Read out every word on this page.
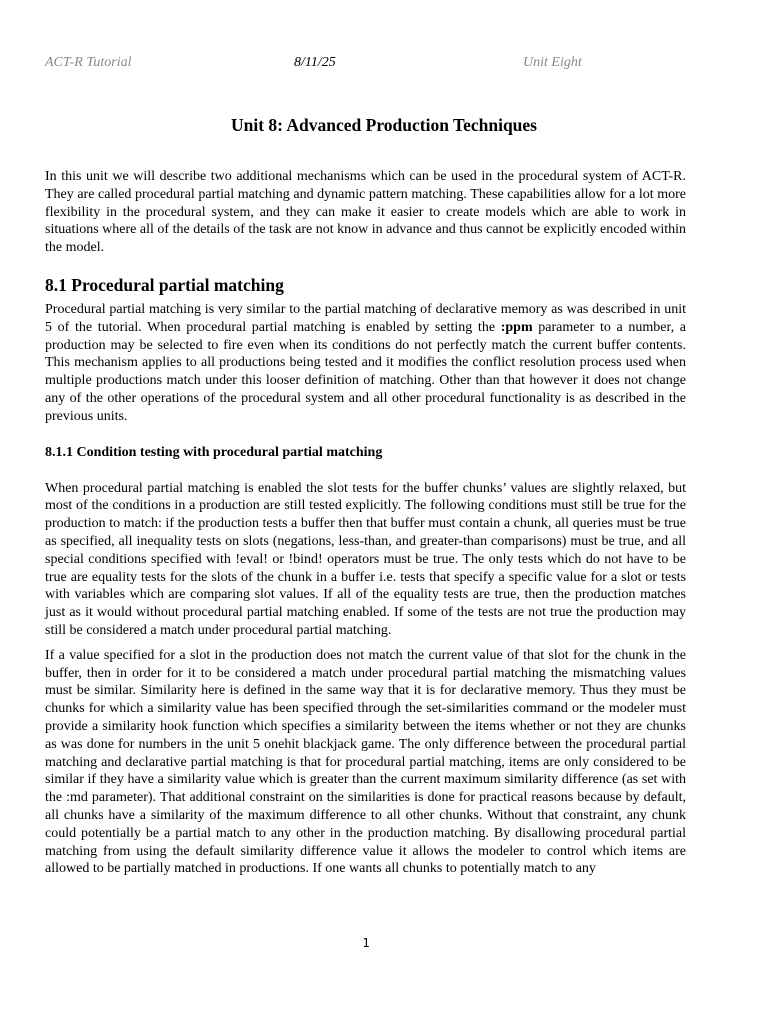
ACT-R Tutorial	8/11/25	Unit Eight
Unit 8: Advanced Production Techniques

In this unit we will describe two additional mechanisms which can be used in the procedural system of ACT-R. They are called procedural partial matching and dynamic pattern matching. These capabilities allow for a lot more flexibility in the procedural system, and they can make it easier to create models which are able to work in situations where all of the details of the task are not know in advance and thus cannot be explicitly encoded within the model.

8.1 Procedural partial matching

Procedural partial matching is very similar to the partial matching of declarative memory as was described in unit 5 of the tutorial. When procedural partial matching is enabled by setting the :ppm parameter to a number, a production may be selected to fire even when its conditions do not perfectly match the current buffer contents. This mechanism applies to all productions being tested and it modifies the conflict resolution process used when multiple productions match under this looser definition of matching. Other than that however it does not change any of the other operations of the procedural system and all other procedural functionality is as described in the previous units.

8.1.1 Condition testing with procedural partial matching

When procedural partial matching is enabled the slot tests for the buffer chunks’ values are slightly relaxed, but most of the conditions in a production are still tested explicitly. The following conditions must still be true for the production to match: if the production tests a buffer then that buffer must contain a chunk, all queries must be true as specified, all inequality tests on slots (negations, less-than, and greater-than comparisons) must be true, and all special conditions specified with !eval! or !bind! operators must be true. The only tests which do not have to be true are equality tests for the slots of the chunk in a buffer i.e. tests that specify a specific value for a slot or tests with variables which are comparing slot values. If all of the equality tests are true, then the production matches just as it would without procedural partial matching enabled. If some of the tests are not true the production may still be considered a match under procedural partial matching.

If a value specified for a slot in the production does not match the current value of that slot for the chunk in the buffer, then in order for it to be considered a match under procedural partial matching the mismatching values must be similar. Similarity here is defined in the same way that it is for declarative memory. Thus they must be chunks for which a similarity value has been specified through the set-similarities command or the modeler must provide a similarity hook function which specifies a similarity between the items whether or not they are chunks as was done for numbers in the unit 5 onehit blackjack game. The only difference between the procedural partial matching and declarative partial matching is that for procedural partial matching, items are only considered to be similar if they have a similarity value which is greater than the current maximum similarity difference (as set with the :md parameter). That additional constraint on the similarities is done for practical reasons because by default, all chunks have a similarity of the maximum difference to all other chunks. Without that constraint, any chunk could potentially be a partial match to any other in the production matching. By disallowing procedural partial matching from using the default similarity difference value it allows the modeler to control which items are allowed to be partially matched in productions. If one wants all chunks to potentially match to any

1
